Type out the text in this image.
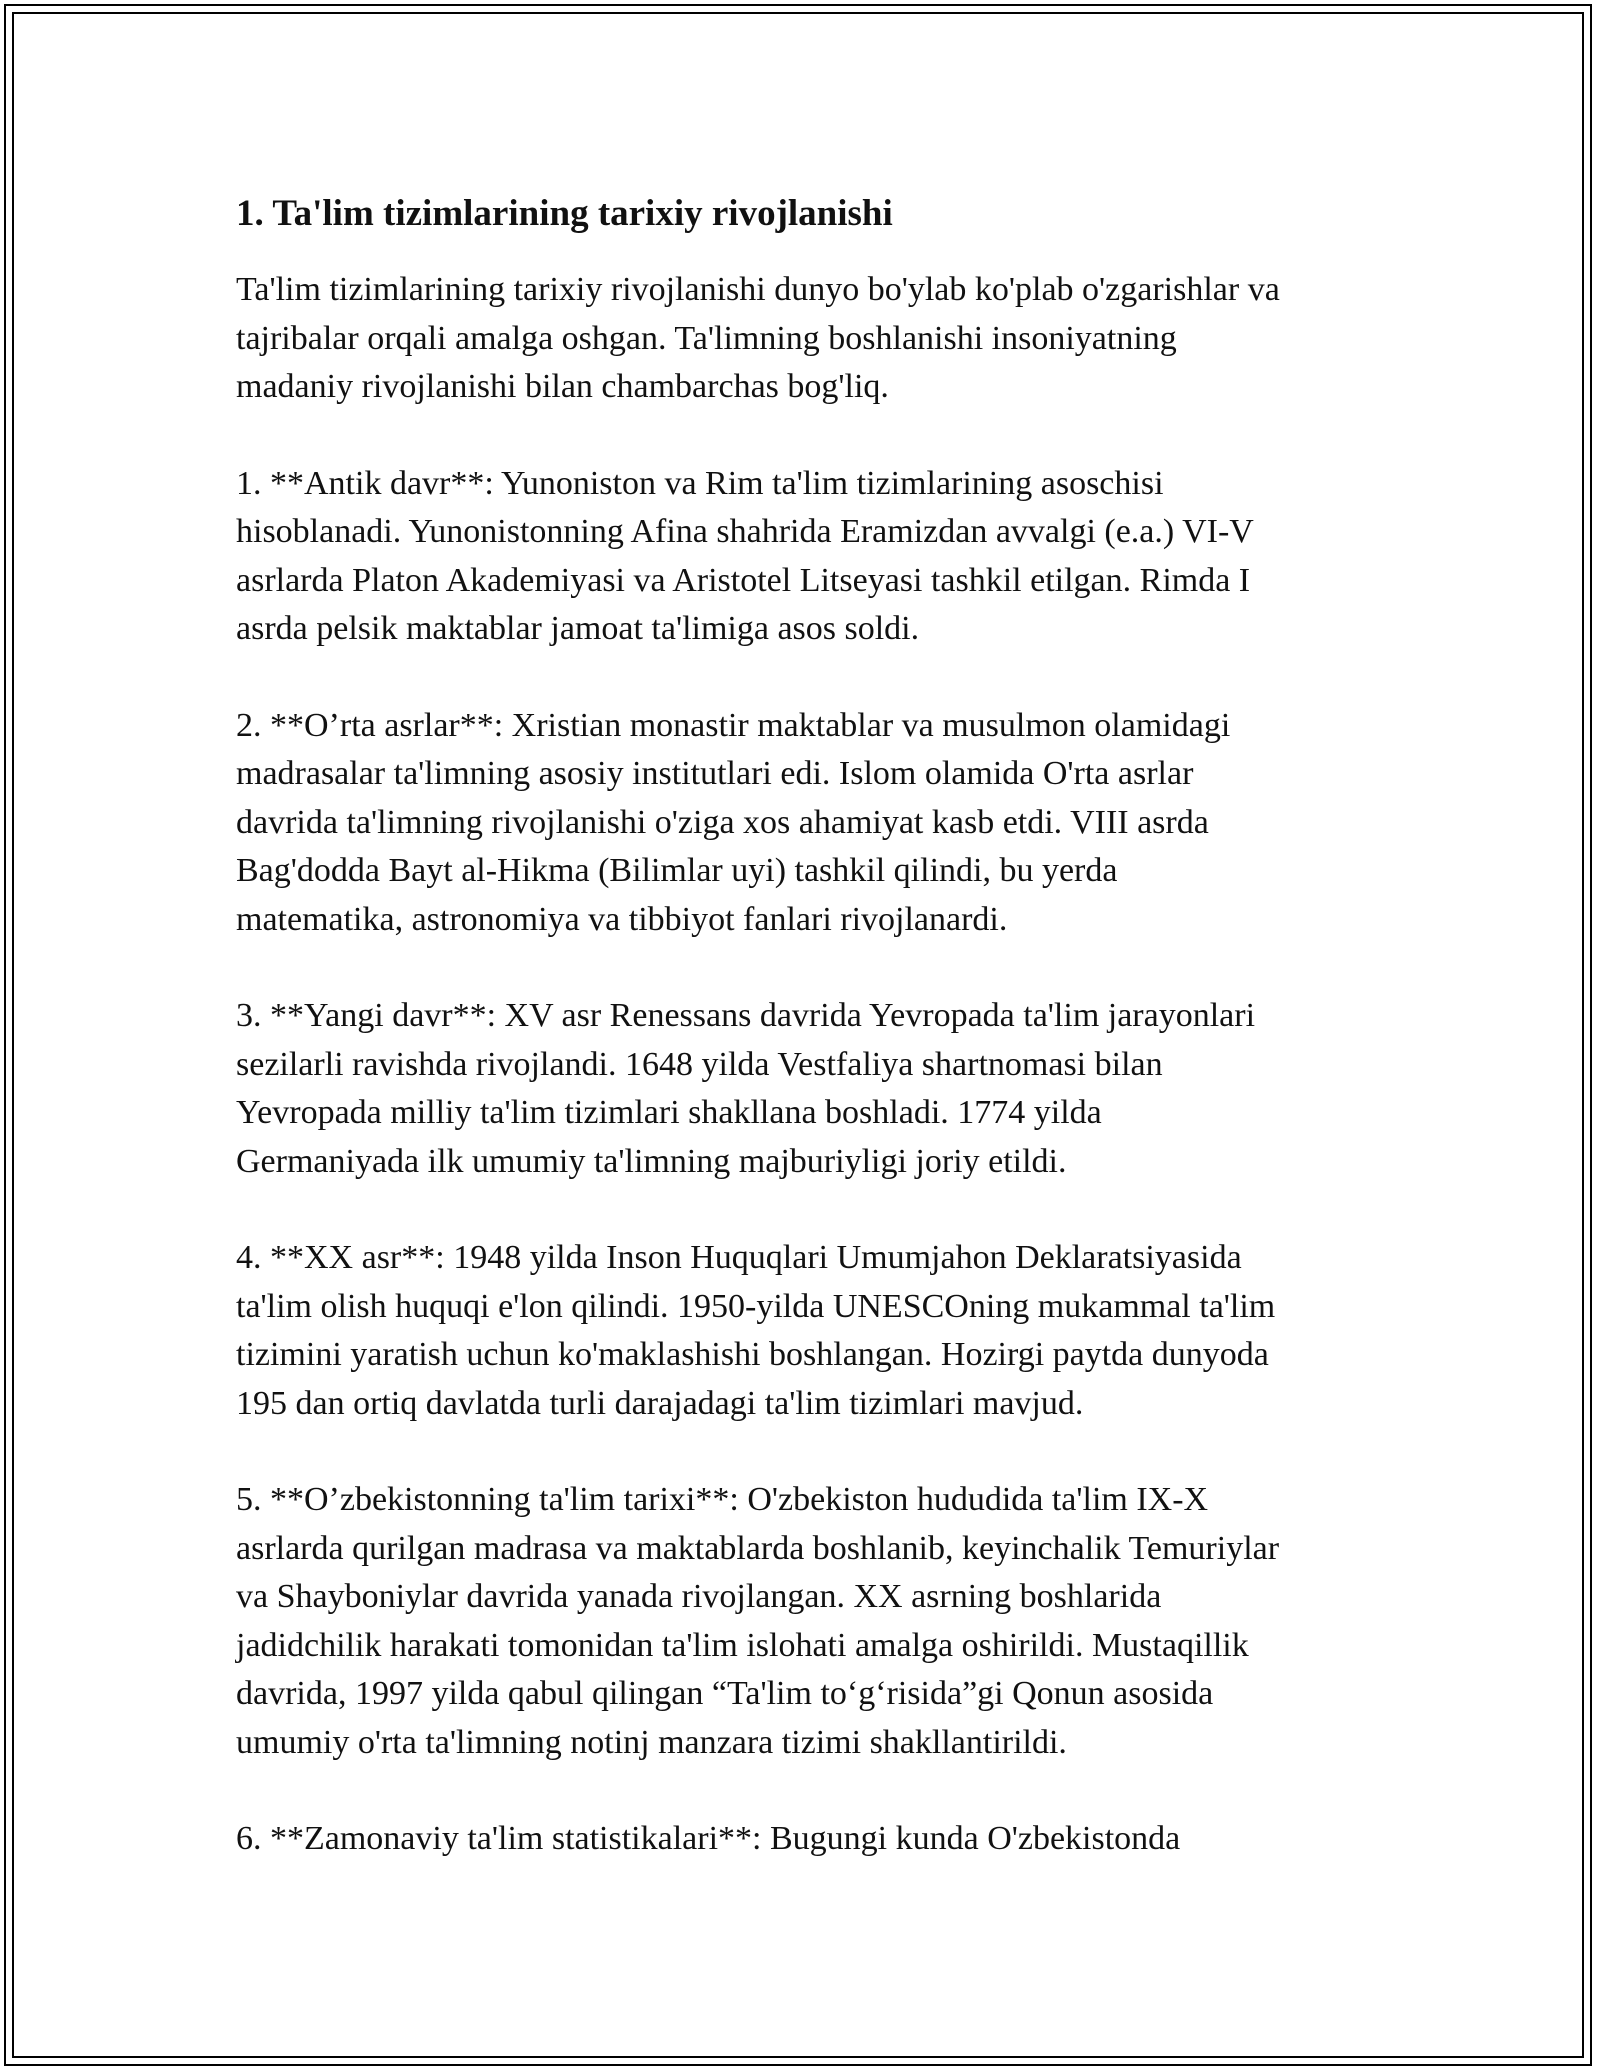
1. Ta'lim tizimlarining tarixiy rivojlanishi
Ta'lim tizimlarining tarixiy rivojlanishi dunyo bo'ylab ko'plab o'zgarishlar va
tajribalar orqali amalga oshgan. Ta'limning boshlanishi insoniyatning
madaniy rivojlanishi bilan chambarchas bog'liq.
1. **Antik davr**: Yunoniston va Rim ta'lim tizimlarining asoschisi
hisoblanadi. Yunonistonning Afina shahrida Eramizdan avvalgi (e.a.) VI-V
asrlarda Platon Akademiyasi va Aristotel Litseyasi tashkil etilgan. Rimda I
asrda pelsik maktablar jamoat ta'limiga asos soldi.
2. **O’rta asrlar**: Xristian monastir maktablar va musulmon olamidagi
madrasalar ta'limning asosiy institutlari edi. Islom olamida O'rta asrlar
davrida ta'limning rivojlanishi o'ziga xos ahamiyat kasb etdi. VIII asrda
Bag'dodda Bayt al-Hikma (Bilimlar uyi) tashkil qilindi, bu yerda
matematika, astronomiya va tibbiyot fanlari rivojlanardi.
3. **Yangi davr**: XV asr Renessans davrida Yevropada ta'lim jarayonlari
sezilarli ravishda rivojlandi. 1648 yilda Vestfaliya shartnomasi bilan
Yevropada milliy ta'lim tizimlari shakllana boshladi. 1774 yilda
Germaniyada ilk umumiy ta'limning majburiyligi joriy etildi.
4. **XX asr**: 1948 yilda Inson Huquqlari Umumjahon Deklaratsiyasida
ta'lim olish huquqi e'lon qilindi. 1950-yilda UNESCOning mukammal ta'lim
tizimini yaratish uchun ko'maklashishi boshlangan. Hozirgi paytda dunyoda
195 dan ortiq davlatda turli darajadagi ta'lim tizimlari mavjud.
5. **O’zbekistonning ta'lim tarixi**: O'zbekiston hududida ta'lim IX-X
asrlarda qurilgan madrasa va maktablarda boshlanib, keyinchalik Temuriylar
va Shayboniylar davrida yanada rivojlangan. XX asrning boshlarida
jadidchilik harakati tomonidan ta'lim islohati amalga oshirildi. Mustaqillik
davrida, 1997 yilda qabul qilingan “Ta'lim to‘g‘risida”gi Qonun asosida
umumiy o'rta ta'limning notinj manzara tizimi shakllantirildi.
6. **Zamonaviy ta'lim statistikalari**: Bugungi kunda O'zbekistonda
